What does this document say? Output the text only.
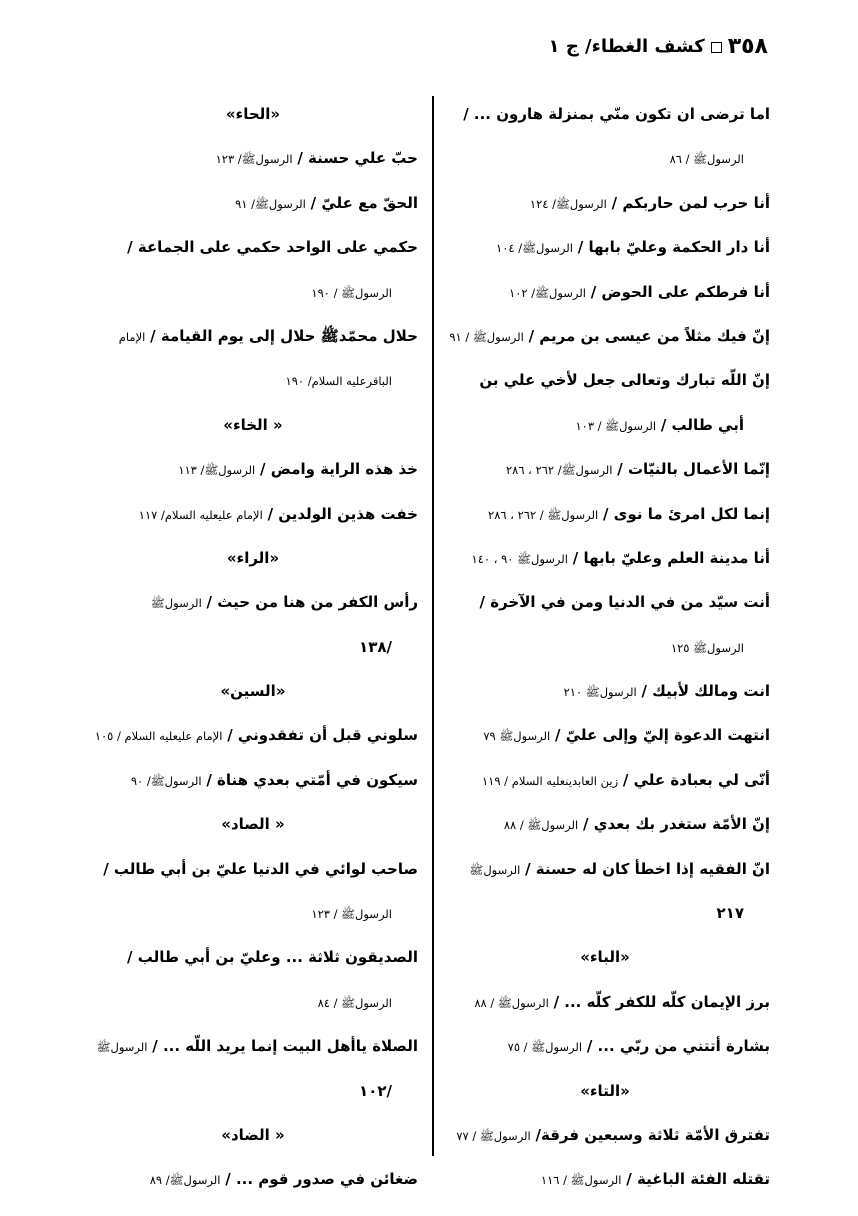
٣٥٨
كشف الغطاء/ ج ١
اما ترضى ان تكون منّي بمنزلة هارون ... /
الرسولﷺ / ٨٦
أنا حرب لمن حاربكم / الرسولﷺ/ ١٢٤
أنا دار الحكمة وعليّ بابها / الرسولﷺ/ ١٠٤
أنا فرطكم على الحوض / الرسولﷺ/ ١٠٢
إنّ فيك مثلاً من عيسى بن مريم / الرسولﷺ / ٩١
إنّ اللّه تبارك وتعالى جعل لأخي علي بن
أبي طالب / الرسولﷺ / ١٠٣
إنّما الأعمال بالنيّات / الرسولﷺ/ ٢٦٢ ، ٢٨٦
إنما لكل امرئ ما نوى / الرسولﷺ / ٢٦٢ ، ٢٨٦
أنا مدينة العلم وعليّ بابها / الرسولﷺ ٩٠ ، ١٤٠
أنت سيّد من في الدنيا ومن في الآخرة /
الرسولﷺ ١٢٥
انت ومالك لأبيك / الرسولﷺ ٢١٠
انتهت الدعوة إليّ وإلى عليّ / الرسولﷺ ٧٩
أنّى لي بعبادة علي / زين العابدينعليه السلام / ١١٩
إنّ الأمّة ستغدر بك بعدي / الرسولﷺ / ٨٨
انّ الفقيه إذا اخطأ كان له حسنة / الرسولﷺ
٢١٧
«الباء»
برز الإيمان كلّه للكفر كلّه ... / الرسولﷺ / ٨٨
بشارة أتتني من ربّي ... / الرسولﷺ / ٧٥
«التاء»
تفترق الأمّة ثلاثة وسبعين فرقة/ الرسولﷺ / ٧٧
تقتله الفئة الباغية / الرسولﷺ / ١١٦
«الحاء»
حبّ علي حسنة / الرسولﷺ/ ١٢٣
الحقّ مع عليّ / الرسولﷺ/ ٩١
حكمي على الواحد حكمي على الجماعة /
الرسولﷺ / ١٩٠
حلال محمّدﷺ حلال إلى يوم القيامة / الإمام
الباقرعليه السلام/ ١٩٠
« الخاء»
خذ هذه الراية وامض / الرسولﷺ/ ١١٣
خفت هذين الولدين / الإمام عليعليه السلام/ ١١٧
«الراء»
رأس الكفر من هنا من حيث / الرسولﷺ
/١٣٨
«السين»
سلوني قبل أن تفقدوني / الإمام عليعليه السلام / ١٠٥
سيكون في أمّتي بعدي هناة / الرسولﷺ/ ٩٠
« الصاد»
صاحب لوائي في الدنيا عليّ بن أبي طالب /
الرسولﷺ / ١٢٣
الصديقون ثلاثة ... وعليّ بن أبي طالب /
الرسولﷺ / ٨٤
الصلاة ياأهل البيت إنما يريد اللّه ... / الرسولﷺ
/١٠٢
« الضاد»
ضغائن في صدور قوم ... / الرسولﷺ/ ٨٩
